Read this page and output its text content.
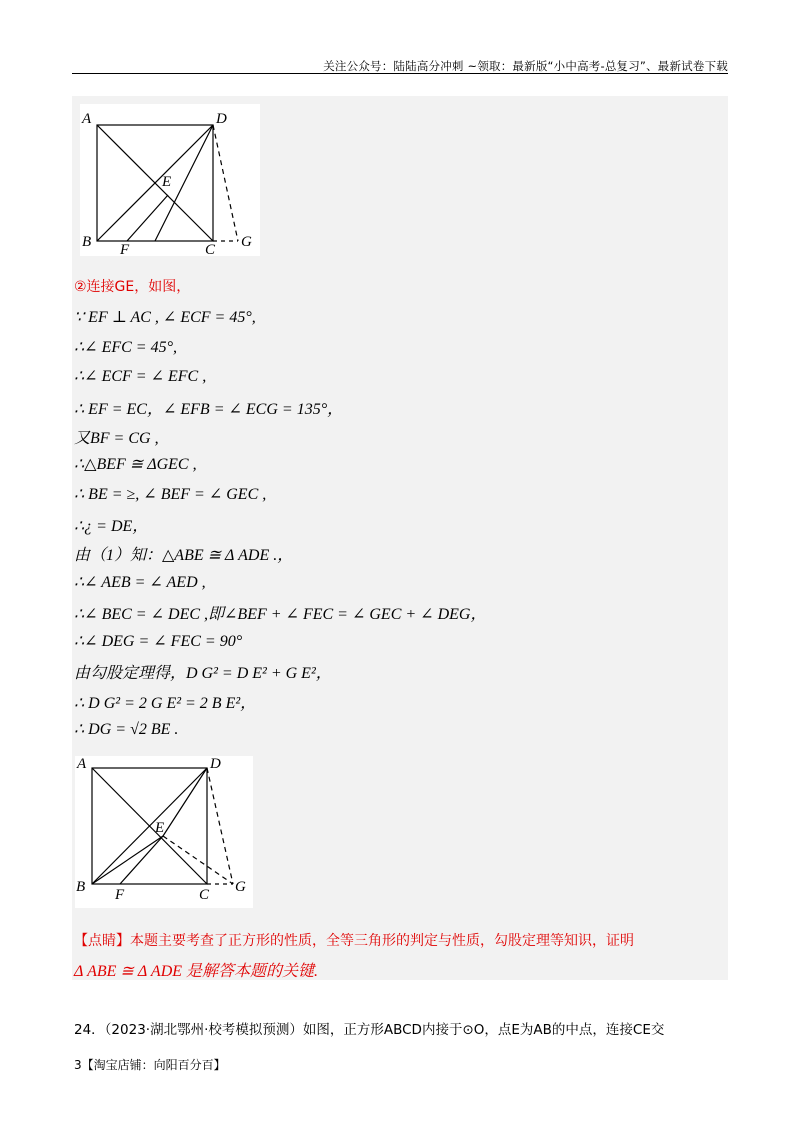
关注公众号：陆陆高分冲刺 ~领取：最新版“小中高考-总复习”、最新试卷下载
A	D
E
B F	C G
②连接GE，如图，
∵ EF ⊥ AC , ∠ ECF = 45°,
∴∠ EFC = 45°,
∴∠ ECF = ∠ EFC ,
∴ EF = EC，∠ EFB = ∠ ECG = 135°，
又BF = CG ,
∴△BEF ≅ ΔGEC ,
∴ BE = ≥, ∠ BEF = ∠ GEC ,
∴¿ = DE，
由（1）知：△ABE ≅ Δ ADE .，
∴∠ AEB = ∠ AED ,
∴∠ BEC = ∠ DEC ,即∠BEF + ∠ FEC = ∠ GEC + ∠ DEG，
∴∠ DEG = ∠ FEC = 90°
由勾股定理得，D G² = D E² + G E²，
∴ D G² = 2 G E² = 2 B E²，
∴ DG = √2 BE .
A	D
E
B F	C G
【点睛】本题主要考查了正方形的性质，全等三角形的判定与性质，勾股定理等知识，证明
Δ ABE ≅ Δ ADE 是解答本题的关键.
24．（2023·湖北鄂州·校考模拟预测）如图，正方形ABCD内接于⊙O，点E为AB的中点，连接CE交
3【淘宝店铺：向阳百分百】
